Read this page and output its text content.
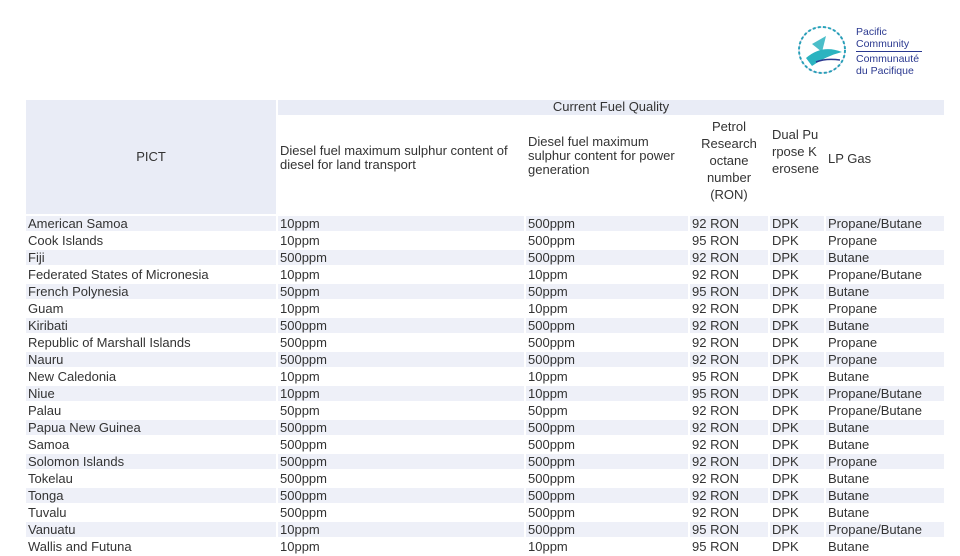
Pacific
Community
Communauté
du Pacifique
PICT	Current Fuel Quality				
	Diesel fuel maximum sulphur content of diesel for land transport	Diesel fuel maximum sulphur content for power generation	Petrol Research octane number (RON)	Dual Purpose Kerosene	LP Gas
American Samoa	10ppm	500ppm	92 RON	DPK	Propane/Butane
Cook Islands	10ppm	500ppm	95 RON	DPK	Propane
Fiji	500ppm	500ppm	92 RON	DPK	Butane
Federated States of Micronesia	10ppm	10ppm	92 RON	DPK	Propane/Butane
French Polynesia	50ppm	50ppm	95 RON	DPK	Butane
Guam	10ppm	10ppm	92 RON	DPK	Propane
Kiribati	500ppm	500ppm	92 RON	DPK	Butane
Republic of Marshall Islands	500ppm	500ppm	92 RON	DPK	Propane
Nauru	500ppm	500ppm	92 RON	DPK	Propane
New Caledonia	10ppm	10ppm	95 RON	DPK	Butane
Niue	10ppm	10ppm	95 RON	DPK	Propane/Butane
Palau	50ppm	50ppm	92 RON	DPK	Propane/Butane
Papua New Guinea	500ppm	500ppm	92 RON	DPK	Butane
Samoa	500ppm	500ppm	92 RON	DPK	Butane
Solomon Islands	500ppm	500ppm	92 RON	DPK	Propane
Tokelau	500ppm	500ppm	92 RON	DPK	Butane
Tonga	500ppm	500ppm	92 RON	DPK	Butane
Tuvalu	500ppm	500ppm	92 RON	DPK	Butane
Vanuatu	10ppm	500ppm	95 RON	DPK	Propane/Butane
Wallis and Futuna	10ppm	10ppm	95 RON	DPK	Butane
